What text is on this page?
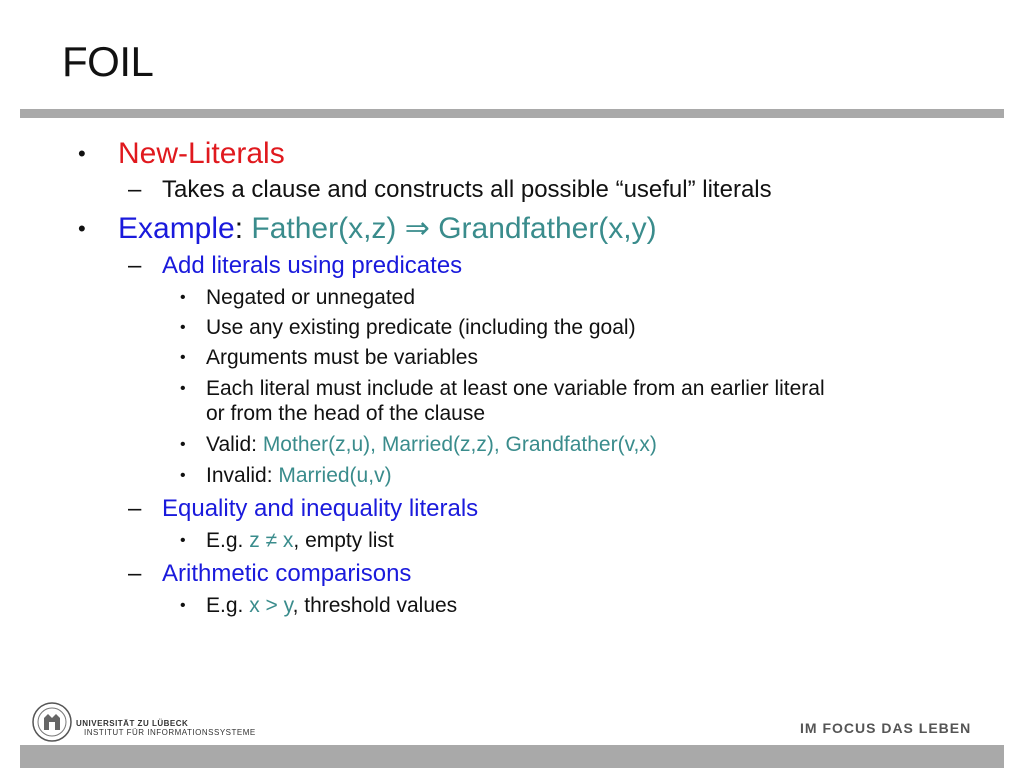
FOIL
•	New-Literals
– Takes a clause and constructs all possible “useful” literals
•	Example: Father(x,z) ⇒ Grandfather(x,y)
– Add literals using predicates
• Negated or unnegated
• Use any existing predicate (including the goal)
• Arguments must be variables
• Each literal must include at least one variable from an earlier literal
or from the head of the clause
• Valid: Mother(z,u), Married(z,z), Grandfather(v,x)
• Invalid: Married(u,v)
– Equality and inequality literals
• E.g. z ≠ x, empty list
– Arithmetic comparisons
• E.g. x > y, threshold values
UNIVERSITÄT ZU LÜBECK
INSTITUT FÜR INFORMATIONSSYSTEME	IM FOCUS DAS LEBEN
